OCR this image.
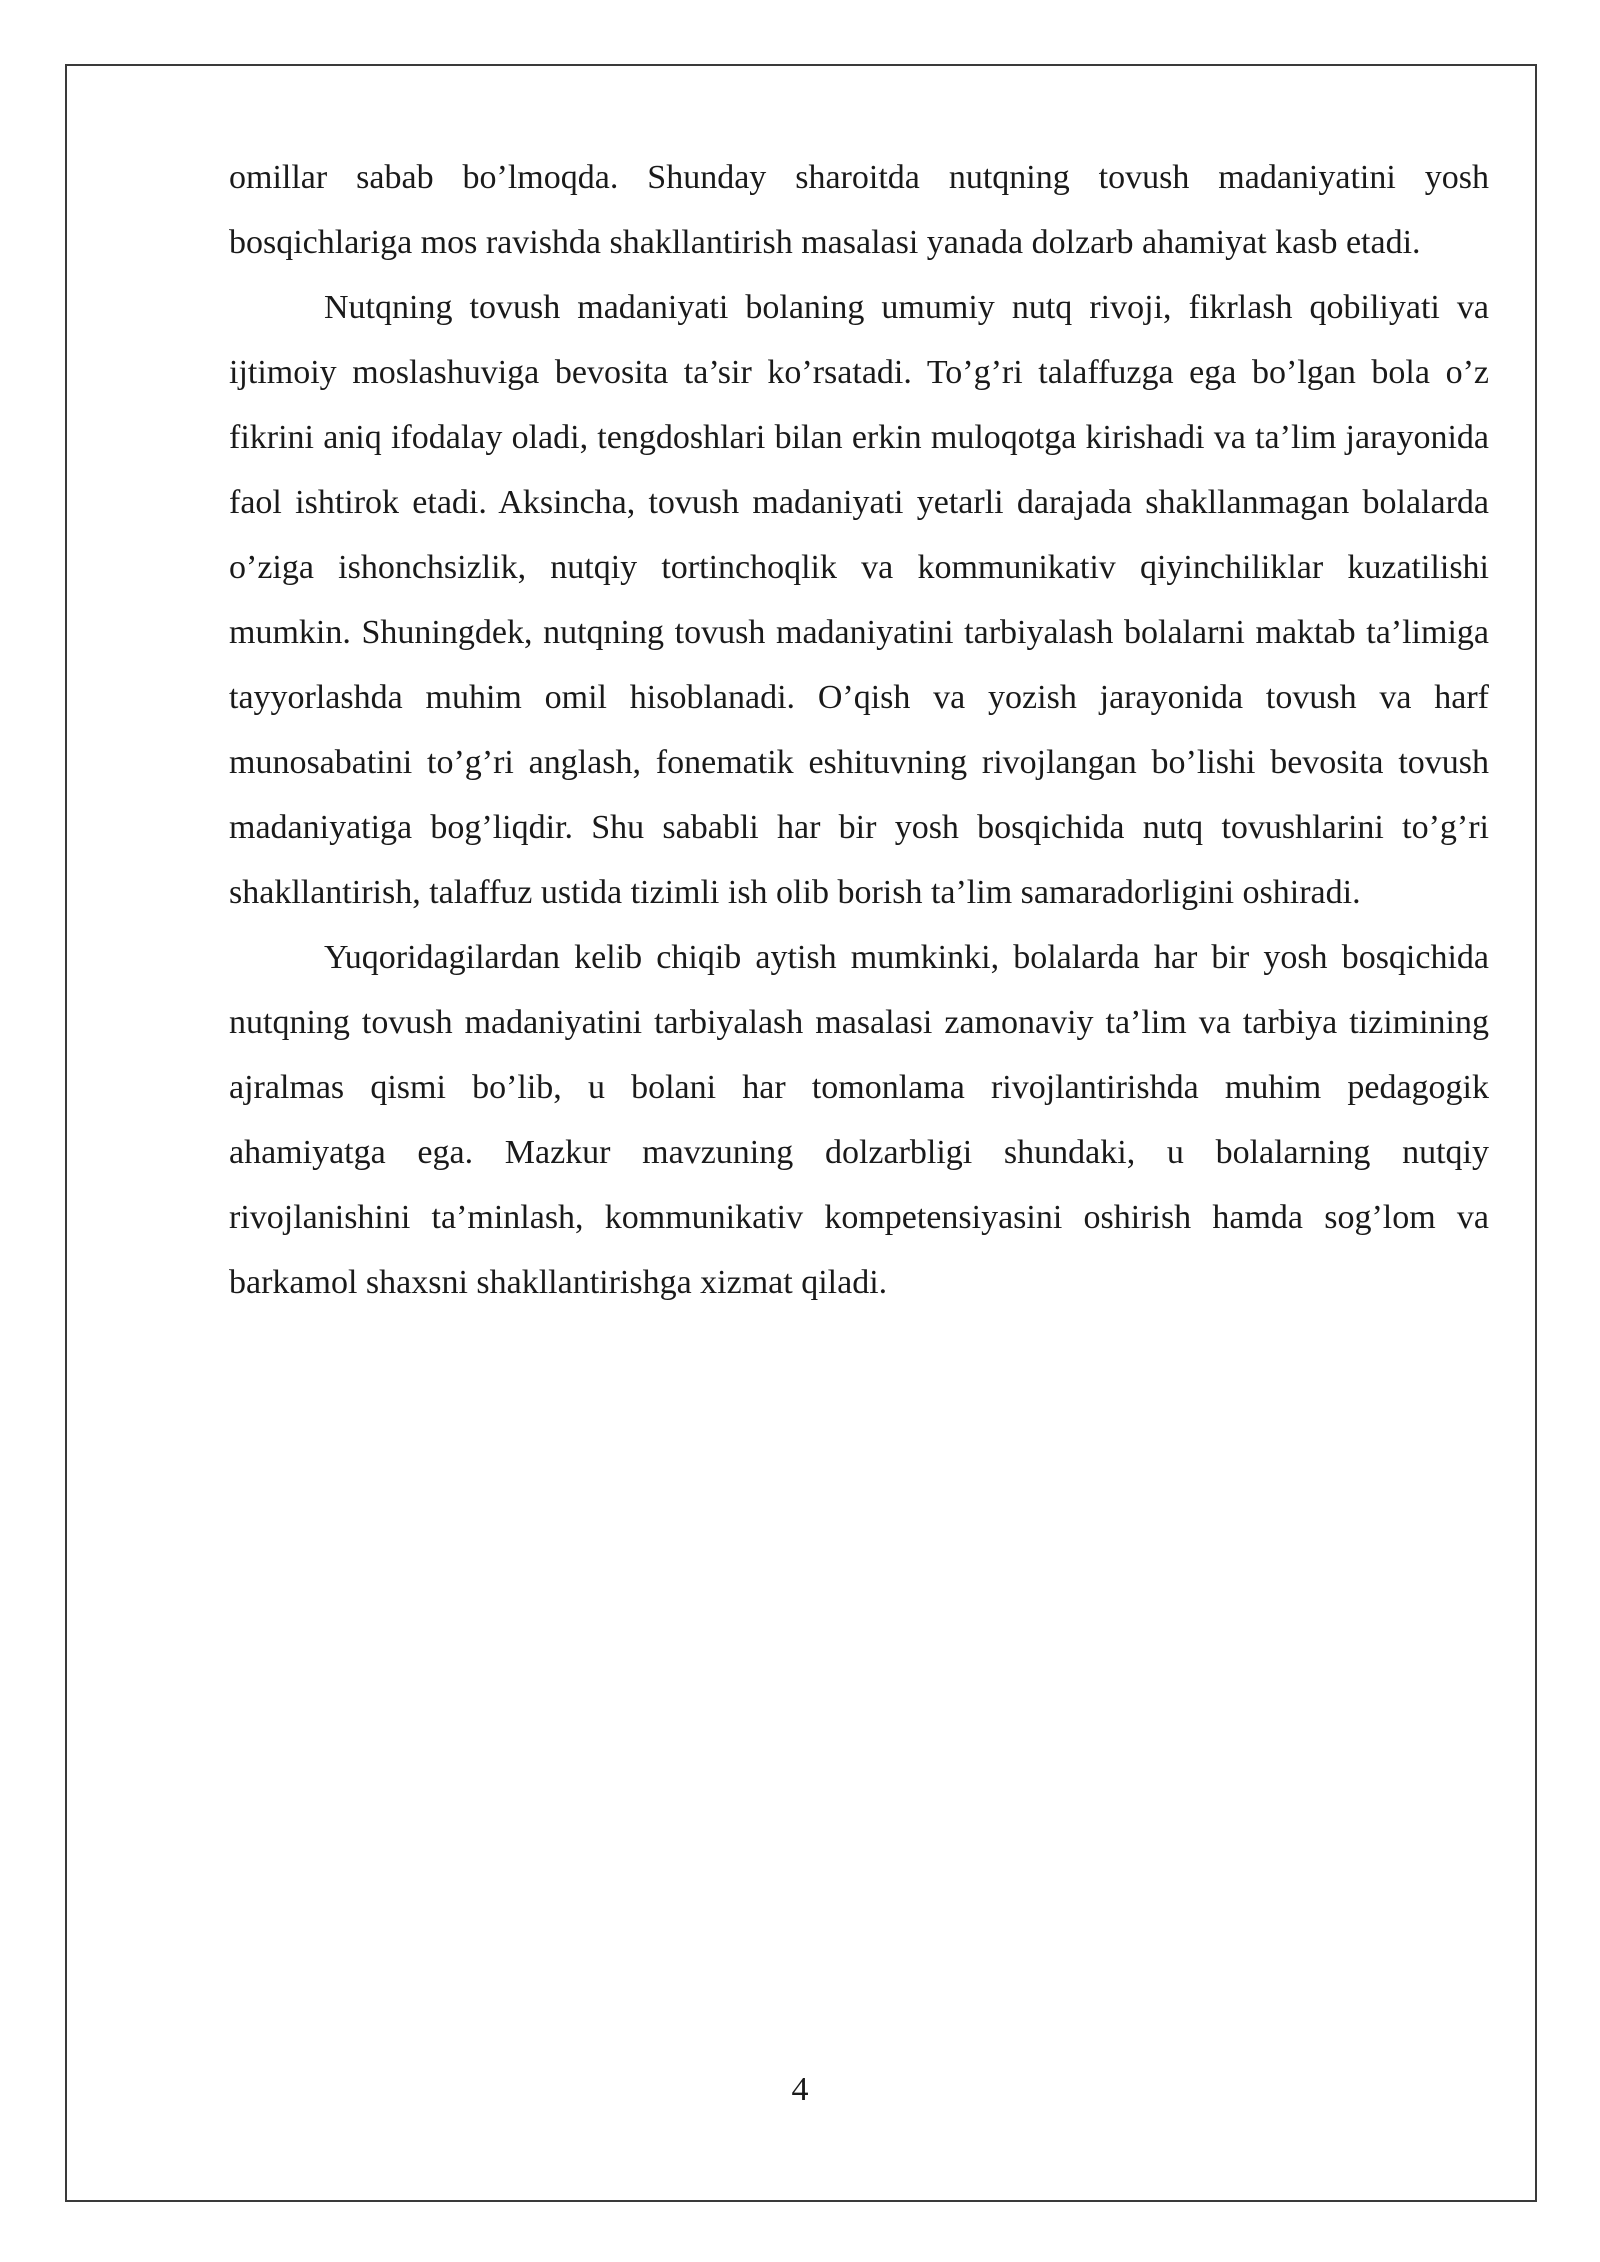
omillar sabab bo’lmoqda. Shunday sharoitda nutqning tovush madaniyatini yosh bosqichlariga mos ravishda shakllantirish masalasi yanada dolzarb ahamiyat kasb etadi.

Nutqning tovush madaniyati bolaning umumiy nutq rivoji, fikrlash qobiliyati va ijtimoiy moslashuviga bevosita ta’sir ko’rsatadi. To’g’ri talaffuzga ega bo’lgan bola o’z fikrini aniq ifodalay oladi, tengdoshlari bilan erkin muloqotga kirishadi va ta’lim jarayonida faol ishtirok etadi. Aksincha, tovush madaniyati yetarli darajada shakllanmagan bolalarda o’ziga ishonchsizlik, nutqiy tortinchoqlik va kommunikativ qiyinchiliklar kuzatilishi mumkin. Shuningdek, nutqning tovush madaniyatini tarbiyalash bolalarni maktab ta’limiga tayyorlashda muhim omil hisoblanadi. O’qish va yozish jarayonida tovush va harf munosabatini to’g’ri anglash, fonematik eshituvning rivojlangan bo’lishi bevosita tovush madaniyatiga bog’liqdir. Shu sababli har bir yosh bosqichida nutq tovushlarini to’g’ri shakllantirish, talaffuz ustida tizimli ish olib borish ta’lim samaradorligini oshiradi.

Yuqoridagilardan kelib chiqib aytish mumkinki, bolalarda har bir yosh bosqichida nutqning tovush madaniyatini tarbiyalash masalasi zamonaviy ta’lim va tarbiya tizimining ajralmas qismi bo’lib, u bolani har tomonlama rivojlantirishda muhim pedagogik ahamiyatga ega. Mazkur mavzuning dolzarbligi shundaki, u bolalarning nutqiy rivojlanishini ta’minlash, kommunikativ kompetensiyasini oshirish hamda sog’lom va barkamol shaxsni shakllantirishga xizmat qiladi.

4
